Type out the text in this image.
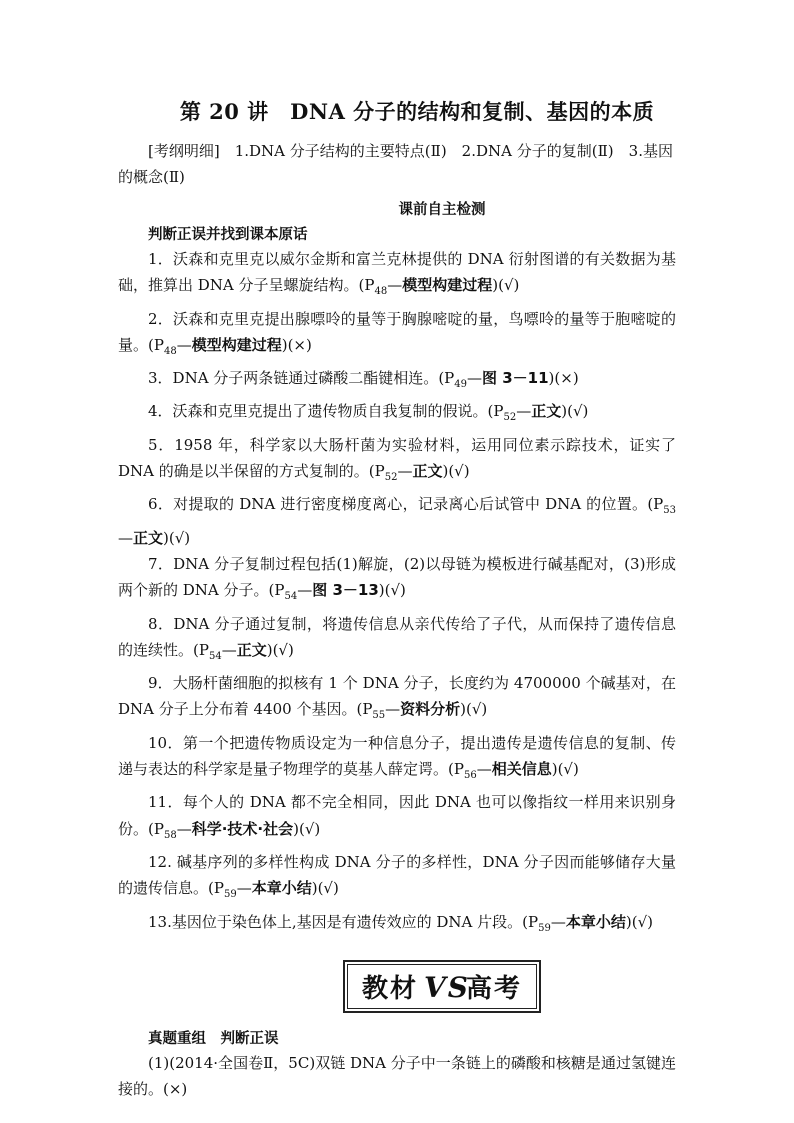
第 20 讲　DNA 分子的结构和复制、基因的本质

[考纲明细]　1.DNA 分子结构的主要特点(Ⅱ)　2.DNA 分子的复制(Ⅱ)　3.基因的概念(Ⅱ)

课前自主检测
判断正误并找到课本原话

1．沃森和克里克以威尔金斯和富兰克林提供的 DNA 衍射图谱的有关数据为基础，推算出 DNA 分子呈螺旋结构。($P_{48}—$模型构建过程)(√)

2．沃森和克里克提出腺嘌呤的量等于胸腺嘧啶的量，鸟嘌呤的量等于胞嘧啶的量。($P_{48}—$模型构建过程)(×)

3．DNA 分子两条链通过磷酸二酯键相连。($P_{49}—$图 3－11)(×)

4．沃森和克里克提出了遗传物质自我复制的假说。($P_{52}—$正文)(√)

5．1958 年，科学家以大肠杆菌为实验材料，运用同位素示踪技术，证实了 DNA 的确是以半保留的方式复制的。($P_{52}—$正文)(√)

6．对提取的 DNA 进行密度梯度离心，记录离心后试管中 DNA 的位置。($P_{53}—$正文)(√)

7．DNA 分子复制过程包括(1)解旋，(2)以母链为模板进行碱基配对，(3)形成两个新的 DNA 分子。($P_{54}—$图 3－13)(√)

8．DNA 分子通过复制，将遗传信息从亲代传给了子代，从而保持了遗传信息的连续性。($P_{54}—$正文)(√)

9．大肠杆菌细胞的拟核有 1 个 DNA 分子，长度约为 4700000 个碱基对，在 DNA 分子上分布着 4400 个基因。($P_{55}—$资料分析)(√)

10．第一个把遗传物质设定为一种信息分子，提出遗传是遗传信息的复制、传递与表达的科学家是量子物理学的莫基人薛定谔。($P_{56}—$相关信息)(√)

11．每个人的 DNA 都不完全相同，因此 DNA 也可以像指纹一样用来识别身份。($P_{58}—$科学·技术·社会)(√)

12. 碱基序列的多样性构成 DNA 分子的多样性，DNA 分子因而能够储存大量的遗传信息。($P_{59}—$本章小结)(√)

13.基因位于染色体上,基因是有遗传效应的 DNA 片段。($P_{59}—$本章小结)(√)

教材 VS
高考
真题重组　判断正误

(1)(2014·全国卷Ⅱ，5C)双链 DNA 分子中一条链上的磷酸和核糖是通过氢键连接的。(×)
